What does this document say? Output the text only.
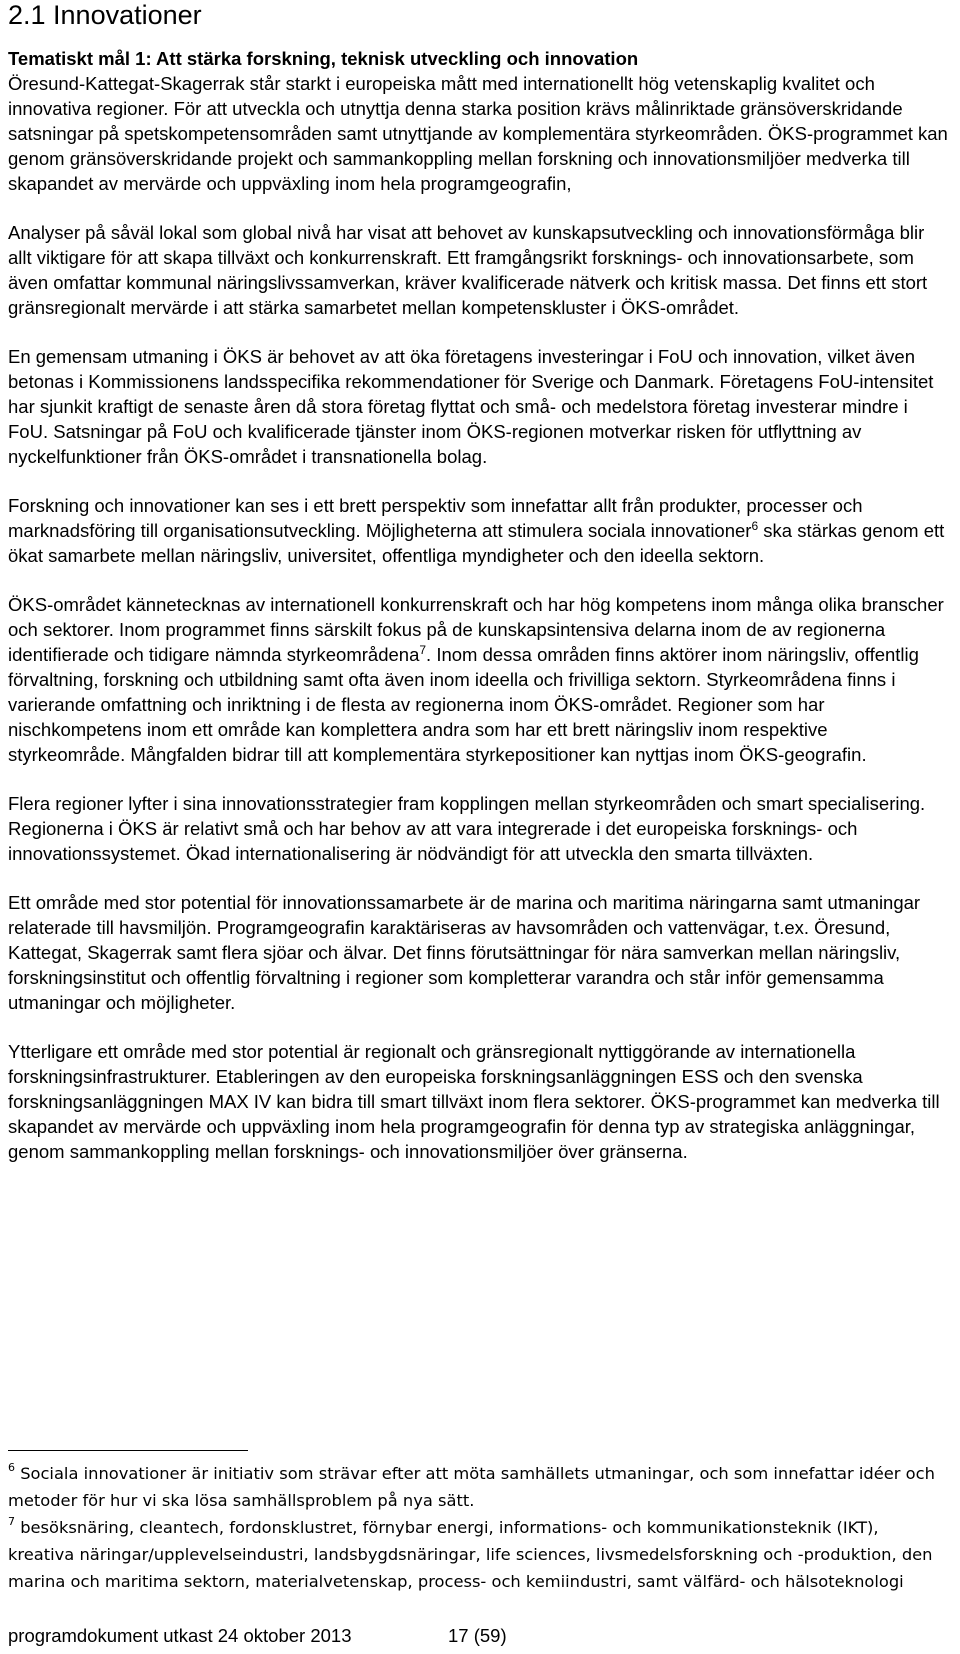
2.1 Innovationer
Tematiskt mål 1: Att stärka forskning, teknisk utveckling och innovation
Öresund-Kattegat-Skagerrak står starkt i europeiska mått med internationellt hög vetenskaplig kvalitet och innovativa regioner. För att utveckla och utnyttja denna starka position krävs målinriktade gränsöverskridande satsningar på spetskompetensområden samt utnyttjande av komplementära styrkeområden. ÖKS-programmet kan genom gränsöverskridande projekt och sammankoppling mellan forskning och innovationsmiljöer medverka till skapandet av mervärde och uppväxling inom hela programgeografin,
Analyser på såväl lokal som global nivå har visat att behovet av kunskapsutveckling och innovationsförmåga blir allt viktigare för att skapa tillväxt och konkurrenskraft. Ett framgångsrikt forsknings- och innovationsarbete, som även omfattar kommunal näringslivssamverkan, kräver kvalificerade nätverk och kritisk massa. Det finns ett stort gränsregionalt mervärde i att stärka samarbetet mellan kompetenskluster i ÖKS-området.
En gemensam utmaning i ÖKS är behovet av att öka företagens investeringar i FoU och innovation, vilket även betonas i Kommissionens landsspecifika rekommendationer för Sverige och Danmark. Företagens FoU-intensitet har sjunkit kraftigt de senaste åren då stora företag flyttat och små- och medelstora företag investerar mindre i FoU. Satsningar på FoU och kvalificerade tjänster inom ÖKS-regionen motverkar risken för utflyttning av nyckelfunktioner från ÖKS-området i transnationella bolag.
Forskning och innovationer kan ses i ett brett perspektiv som innefattar allt från produkter, processer och marknadsföring till organisationsutveckling. Möjligheterna att stimulera sociala innovationer$^6$ ska stärkas genom ett ökat samarbete mellan näringsliv, universitet, offentliga myndigheter och den ideella sektorn.
ÖKS-området kännetecknas av internationell konkurrenskraft och har hög kompetens inom många olika branscher och sektorer. Inom programmet finns särskilt fokus på de kunskapsintensiva delarna inom de av regionerna identifierade och tidigare nämnda styrkeområdena$^7$. Inom dessa områden finns aktörer inom näringsliv, offentlig förvaltning, forskning och utbildning samt ofta även inom ideella och frivilliga sektorn. Styrkeområdena finns i varierande omfattning och inriktning i de flesta av regionerna inom ÖKS-området. Regioner som har nischkompetens inom ett område kan komplettera andra som har ett brett näringsliv inom respektive styrkeområde. Mångfalden bidrar till att komplementära styrkepositioner kan nyttjas inom ÖKS-geografin.
Flera regioner lyfter i sina innovationsstrategier fram kopplingen mellan styrkeområden och smart specialisering. Regionerna i ÖKS är relativt små och har behov av att vara integrerade i det europeiska forsknings- och innovationssystemet. Ökad internationalisering är nödvändigt för att utveckla den smarta tillväxten.
Ett område med stor potential för innovationssamarbete är de marina och maritima näringarna samt utmaningar relaterade till havsmiljön. Programgeografin karaktäriseras av havsområden och vattenvägar, t.ex. Öresund, Kattegat, Skagerrak samt flera sjöar och älvar. Det finns förutsättningar för nära samverkan mellan näringsliv, forskningsinstitut och offentlig förvaltning i regioner som kompletterar varandra och står inför gemensamma utmaningar och möjligheter.
Ytterligare ett område med stor potential är regionalt och gränsregionalt nyttiggörande av internationella forskningsinfrastrukturer. Etableringen av den europeiska forskningsanläggningen ESS och den svenska forskningsanläggningen MAX IV kan bidra till smart tillväxt inom flera sektorer. ÖKS-programmet kan medverka till skapandet av mervärde och uppväxling inom hela programgeografin för denna typ av strategiska anläggningar, genom sammankoppling mellan forsknings- och innovationsmiljöer över gränserna.
$^6$ Sociala innovationer är initiativ som strävar efter att möta samhällets utmaningar, och som innefattar idéer och metoder för hur vi ska lösa samhällsproblem på nya sätt.
$^7$ besöksnäring, cleantech, fordonsklustret, förnybar energi, informations- och kommunikationsteknik (IKT), kreativa näringar/upplevelseindustri, landsbygdsnäringar, life sciences, livsmedelsforskning och -produktion, den marina och maritima sektorn, materialvetenskap, process- och kemiindustri, samt välfärd- och hälsoteknologi
programdokument utkast 24 oktober 2013	17 (59)
